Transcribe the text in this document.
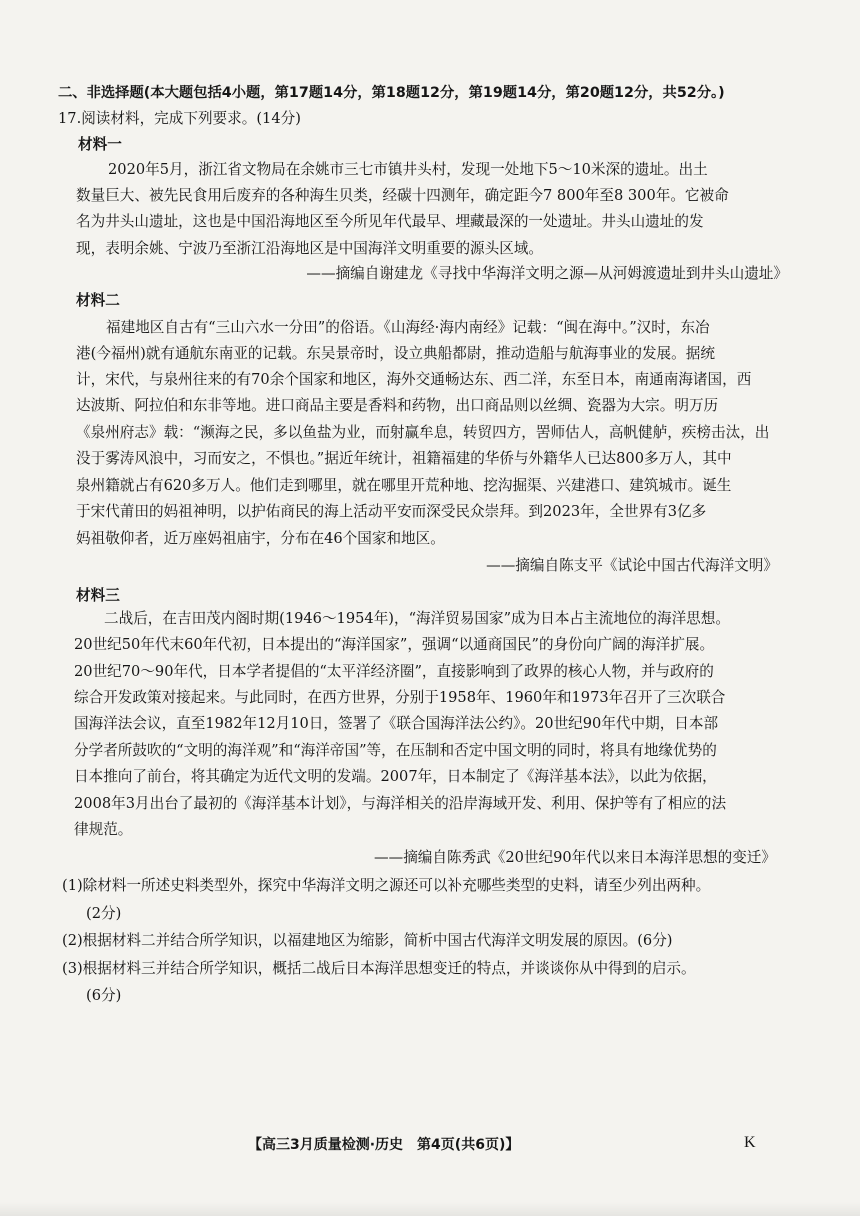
二、非选择题(本大题包括4小题，第17题14分，第18题12分，第19题14分，第20题12分，共52分。)
17.阅读材料，完成下列要求。(14分)
材料一
2020年5月，浙江省文物局在余姚市三七市镇井头村，发现一处地下5～10米深的遗址。出土
数量巨大、被先民食用后废弃的各种海生贝类，经碳十四测年，确定距今7 800年至8 300年。它被命
名为井头山遗址，这也是中国沿海地区至今所见年代最早、埋藏最深的一处遗址。井头山遗址的发
现，表明余姚、宁波乃至浙江沿海地区是中国海洋文明重要的源头区域。
——摘编自谢建龙《寻找中华海洋文明之源—从河姆渡遗址到井头山遗址》
材料二
福建地区自古有“三山六水一分田”的俗语。《山海经·海内南经》记载：“闽在海中。”汉时，东冶
港(今福州)就有通航东南亚的记载。东吴景帝时，设立典船都尉，推动造船与航海事业的发展。据统
计，宋代，与泉州往来的有70余个国家和地区，海外交通畅达东、西二洋，东至日本，南通南海诸国，西
达波斯、阿拉伯和东非等地。进口商品主要是香料和药物，出口商品则以丝绸、瓷器为大宗。明万历
《泉州府志》载：“濒海之民，多以鱼盐为业，而射赢牟息，转贸四方，罟师估人，高帆健舻，疾榜击汰，出
没于雾涛风浪中，习而安之，不惧也。”据近年统计，祖籍福建的华侨与外籍华人已达800多万人，其中
泉州籍就占有620多万人。他们走到哪里，就在哪里开荒种地、挖沟掘渠、兴建港口、建筑城市。诞生
于宋代莆田的妈祖神明，以护佑商民的海上活动平安而深受民众崇拜。到2023年，全世界有3亿多
妈祖敬仰者，近万座妈祖庙宇，分布在46个国家和地区。
——摘编自陈支平《试论中国古代海洋文明》
材料三
二战后，在吉田茂内阁时期(1946～1954年)，“海洋贸易国家”成为日本占主流地位的海洋思想。
20世纪50年代末60年代初，日本提出的“海洋国家”，强调“以通商国民”的身份向广阔的海洋扩展。
20世纪70～90年代，日本学者提倡的“太平洋经济圈”，直接影响到了政界的核心人物，并与政府的
综合开发政策对接起来。与此同时，在西方世界，分别于1958年、1960年和1973年召开了三次联合
国海洋法会议，直至1982年12月10日，签署了《联合国海洋法公约》。20世纪90年代中期，日本部
分学者所鼓吹的“文明的海洋观”和“海洋帝国”等，在压制和否定中国文明的同时，将具有地缘优势的
日本推向了前台，将其确定为近代文明的发端。2007年，日本制定了《海洋基本法》，以此为依据，
2008年3月出台了最初的《海洋基本计划》，与海洋相关的沿岸海域开发、利用、保护等有了相应的法
律规范。
——摘编自陈秀武《20世纪90年代以来日本海洋思想的变迁》
(1)除材料一所述史料类型外，探究中华海洋文明之源还可以补充哪些类型的史料，请至少列出两种。
(2分)
(2)根据材料二并结合所学知识，以福建地区为缩影，简析中国古代海洋文明发展的原因。(6分)
(3)根据材料三并结合所学知识，概括二战后日本海洋思想变迁的特点，并谈谈你从中得到的启示。
(6分)
【高三3月质量检测·历史　第4页(共6页)】	K
